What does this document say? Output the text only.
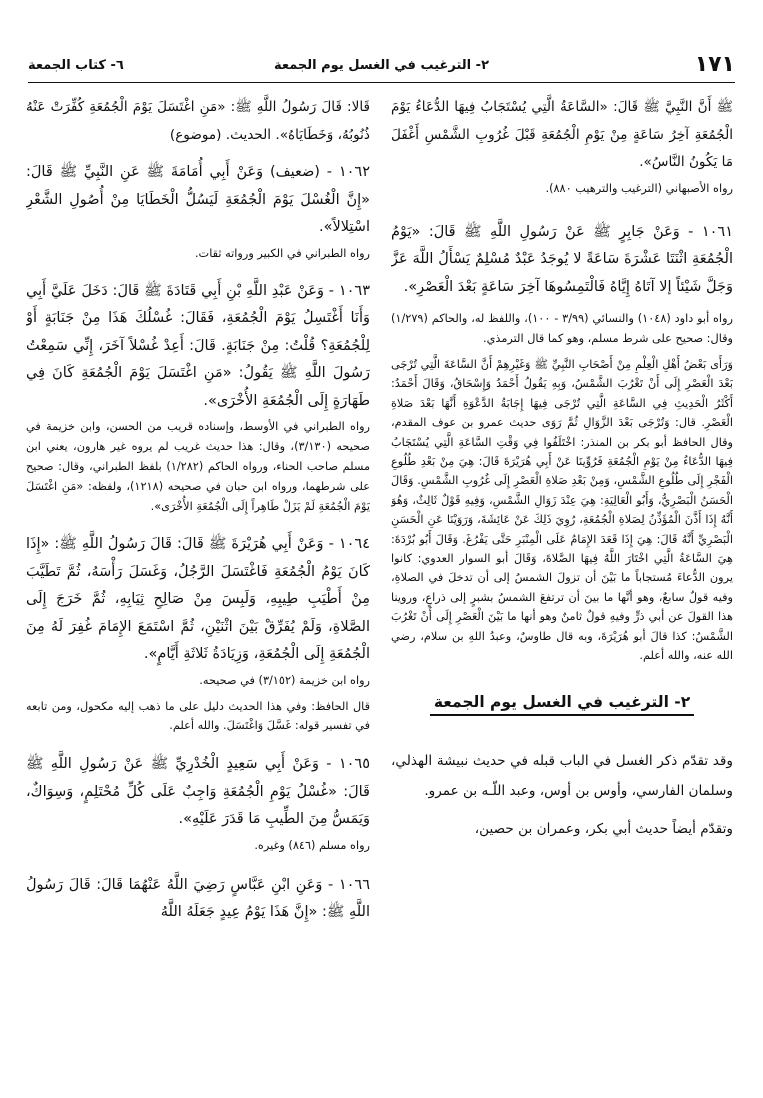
١٧١
٢- الترغيب في الغسل يوم الجمعة
٦- كتاب الجمعة

ﷺ أَنَّ النَّبِيَّ ﷺ قَالَ: «السَّاعَةُ الَّتِي يُسْتَجَابُ فِيهَا الدُّعَاءُ يَوْمَ الْجُمُعَةِ آخِرُ سَاعَةٍ مِنْ يَوْمِ الْجُمُعَةِ قَبْلَ غُرُوبِ الشَّمْسِ أَغْفَلَ مَا يَكُونُ النَّاسُ».

رواه الأصبهاني (الترغيب والترهيب ٨٨٠).

١٠٦١ - وَعَنْ جَابِرٍ ﷺ عَنْ رَسُولِ اللَّهِ ﷺ قَالَ: «يَوْمُ الْجُمُعَةِ اثْنَتَا عَشْرَةَ سَاعَةً لا يُوجَدُ عَبْدٌ مُسْلِمٌ يَسْأَلُ اللَّهَ عَزَّ وَجَلَّ شَيْئاً إلا آتَاهُ إِيَّاهُ فَالْتَمِسُوهَا آخِرَ سَاعَةٍ بَعْدَ الْعَصْرِ».

رواه أبو داود (١٠٤٨) والنسائي (٣/٩٩ - ١٠٠)، واللفظ له، والحاكم (١/٢٧٩) وقال: صحيح على شرط مسلم، وهو كما قال الترمذي.

وَرَأَى بَعْضُ أَهْلِ الْعِلْمِ مِنْ أَصْحَابِ النَّبِيِّ ﷺ وَغَيْرِهِمْ أَنَّ السَّاعَةَ الَّتِي تُرْجَى بَعْدَ الْعَصْرِ إِلَى أَنْ تَغْرُبَ الشَّمْسُ، وَبِهِ يَقُولُ أَحْمَدُ وَإِسْحَاقُ، وَقَالَ أَحْمَدُ: أَكْثَرُ الْحَدِيثِ فِي السَّاعَةِ الَّتِي تُرْجَى فِيهَا إِجَابَةُ الدَّعْوَةِ أَنَّهَا بَعْدَ صَلاةِ الْعَصْرِ. قال: وَتُرْجَى بَعْدَ الزَّوَالِ ثُمَّ رَوَى حديث عمرو بن عوف المقدم، وقال الحافظ أبو بكر بن المنذر: اخْتَلَفُوا فِي وَقْتِ السَّاعَةِ الَّتِي يُسْتَجَابُ فِيهَا الدُّعَاءُ مِنْ يَوْمِ الْجُمُعَةِ فَرُوِّينَا عَنْ أَبِي هُرَيْرَةَ قَالَ: هِيَ مِنْ بَعْدِ طُلُوعِ الْفَجْرِ إِلَى طُلُوعِ الشَّمْسِ، وَمِنْ بَعْدِ صَلاةِ الْعَصْرِ إِلَى غُرُوبِ الشَّمْسِ. وَقَالَ الْحَسَنُ الْبَصْرِيُّ، وَأَبُو الْعَالِيَةِ: هِيَ عِنْدَ زَوَالِ الشَّمْسِ، وَفِيهِ قَوْلٌ ثَالِثٌ، وَهُوَ أَنَّهُ إِذَا أَذَّنَ الْمُؤَذِّنُ لِصَلاةِ الْجُمُعَةِ، رُوِيَ ذَلِكَ عَنْ عَائِشَةَ، وَرَوَيْنَا عَنِ الْحَسَنِ الْبَصْرِيِّ أَنَّهُ قَالَ: هِيَ إِذَا قَعَدَ الإِمَامُ عَلَى الْمِنْبَرِ حَتَّى يَفْرُغَ. وَقَالَ أَبُو بُرْدَةَ: هِيَ السَّاعَةُ الَّتِي اخْتَارَ اللَّهُ فِيهَا الصَّلاةَ، وَقَالَ أبو السوار العدوي: كانوا يرون الدُّعاءَ مُستجاباً ما بَيْنَ أن تزولَ الشمسُ إلى أن تدخلَ في الصلاةِ، وفيه قولٌ سابعٌ، وهو أنَّها ما بينَ أن ترتفعَ الشمسُ بشبرٍ إلى ذراعٍ، وروينا هذا القولَ عن أبي ذرٍّ وفيهِ قولٌ ثامنٌ وهو أنها ما بَيْنَ الْعَصْرِ إِلَى أَنْ تَغْرُبَ الشَّمْسُ: كذا قالَ أبو هُرَيْرَةَ، وبه قال طاوسٌ، وعبدُ اللهِ بن سلام، رضي الله عنه، والله أعلم.

٢- الترغيب في الغسل يوم الجمعة

وقد تقدّم ذكر الغسل في الباب قبله في حديث نبيشة الهذلي، وسلمان الفارسي، وأوس بن أوس، وعبد اللّـه بن عمرو.

وتقدّم أيضاً حديث أبي بكر، وعمران بن حصين،

قَالا: قَالَ رَسُولُ اللَّهِ ﷺ: «مَنِ اغْتَسَلَ يَوْمَ الْجُمُعَةِ كُفِّرَتْ عَنْهُ ذُنُوبُهُ، وَخَطَايَاهُ». الحديث. (موضوع)

١٠٦٢ - (ضعيف) وَعَنْ أَبِي أُمَامَةَ ﷺ عَنِ النَّبِيِّ ﷺ قَالَ: «إِنَّ الْغُسْلَ يَوْمَ الْجُمُعَةِ لَيَسُلُّ الْخَطَايَا مِنْ أُصُولِ الشَّعْرِ اسْتِلالاً».

رواه الطبراني في الكبير ورواته ثقات.

١٠٦٣ - وَعَنْ عَبْدِ اللَّهِ بْنِ أَبِي قَتَادَةَ ﷺ قَالَ: دَخَلَ عَلَيَّ أَبِي وَأَنَا أَغْتَسِلُ يَوْمَ الْجُمُعَةِ، فَقَالَ: غُسْلُكَ هَذَا مِنْ جَنَابَةٍ أَوْ لِلْجُمُعَةِ؟ قُلْتُ: مِنْ جَنَابَةٍ. قَالَ: أَعِدْ غُسْلاً آخَرَ، إِنِّي سَمِعْتُ رَسُولَ اللَّهِ ﷺ يَقُولُ: «مَنِ اغْتَسَلَ يَوْمَ الْجُمُعَةِ كَانَ فِي طَهَارَةٍ إِلَى الْجُمُعَةِ الأُخْرَى».

رواه الطبراني في الأوسط، وإسناده قريب من الحسن، وابن خزيمة في صحيحه (٣/١٣٠)، وقال: هذا حديث غريب لم يروه غير هارون، يعني ابن مسلم صاحب الحناء، ورواه الحاكم (١/٢٨٢) بلفظ الطبراني، وقال: صحيح على شرطهما، ورواه ابن حبان في صحيحه (١٢١٨)، ولفظه: «مَنِ اغْتَسَلَ يَوْمَ الْجُمُعَةِ لَمْ يَزَلْ طَاهِراً إِلَى الْجُمُعَةِ الأُخْرَى».

١٠٦٤ - وَعَنْ أَبِي هُرَيْرَةَ ﷺ قَالَ: قَالَ رَسُولُ اللَّهِ ﷺ: «إِذَا كَانَ يَوْمُ الْجُمُعَةِ فَاغْتَسَلَ الرَّجُلُ، وَغَسَلَ رَأْسَهُ، ثُمَّ تَطَيَّبَ مِنْ أَطْيَبِ طِيبِهِ، وَلَبِسَ مِنْ صَالِحِ ثِيَابِهِ، ثُمَّ خَرَجَ إِلَى الصَّلاةِ، وَلَمْ يُفَرِّقْ بَيْنَ اثْنَيْنِ، ثُمَّ اسْتَمَعَ الإِمَامَ غُفِرَ لَهُ مِنَ الْجُمُعَةِ إِلَى الْجُمُعَةِ، وَزِيَادَةُ ثَلاثَةِ أَيَّامٍ».

رواه ابن خزيمة (٣/١٥٢) في صحيحه.

قال الحافظ: وفي هذا الحديث دليل على ما ذهب إليه مكحول، ومن تابعه في تفسير قوله: غَسَّلَ وَاغْتَسَلَ. والله أعلم.

١٠٦٥ - وَعَنْ أَبِي سَعِيدٍ الْخُدْرِيِّ ﷺ عَنْ رَسُولِ اللَّهِ ﷺ قَالَ: «غُسْلُ يَوْمِ الْجُمُعَةِ وَاجِبٌ عَلَى كُلِّ مُحْتَلِمٍ، وَسِوَاكٌ، وَيَمَسُّ مِنَ الطِّيبِ مَا قَدَرَ عَلَيْهِ».

رواه مسلم (٨٤٦) وغيره.

١٠٦٦ - وَعَنِ ابْنِ عَبَّاسٍ رَضِيَ اللَّهُ عَنْهُمَا قَالَ: قَالَ رَسُولُ اللَّهِ ﷺ: «إِنَّ هَذَا يَوْمُ عِيدٍ جَعَلَهُ اللَّهُ
